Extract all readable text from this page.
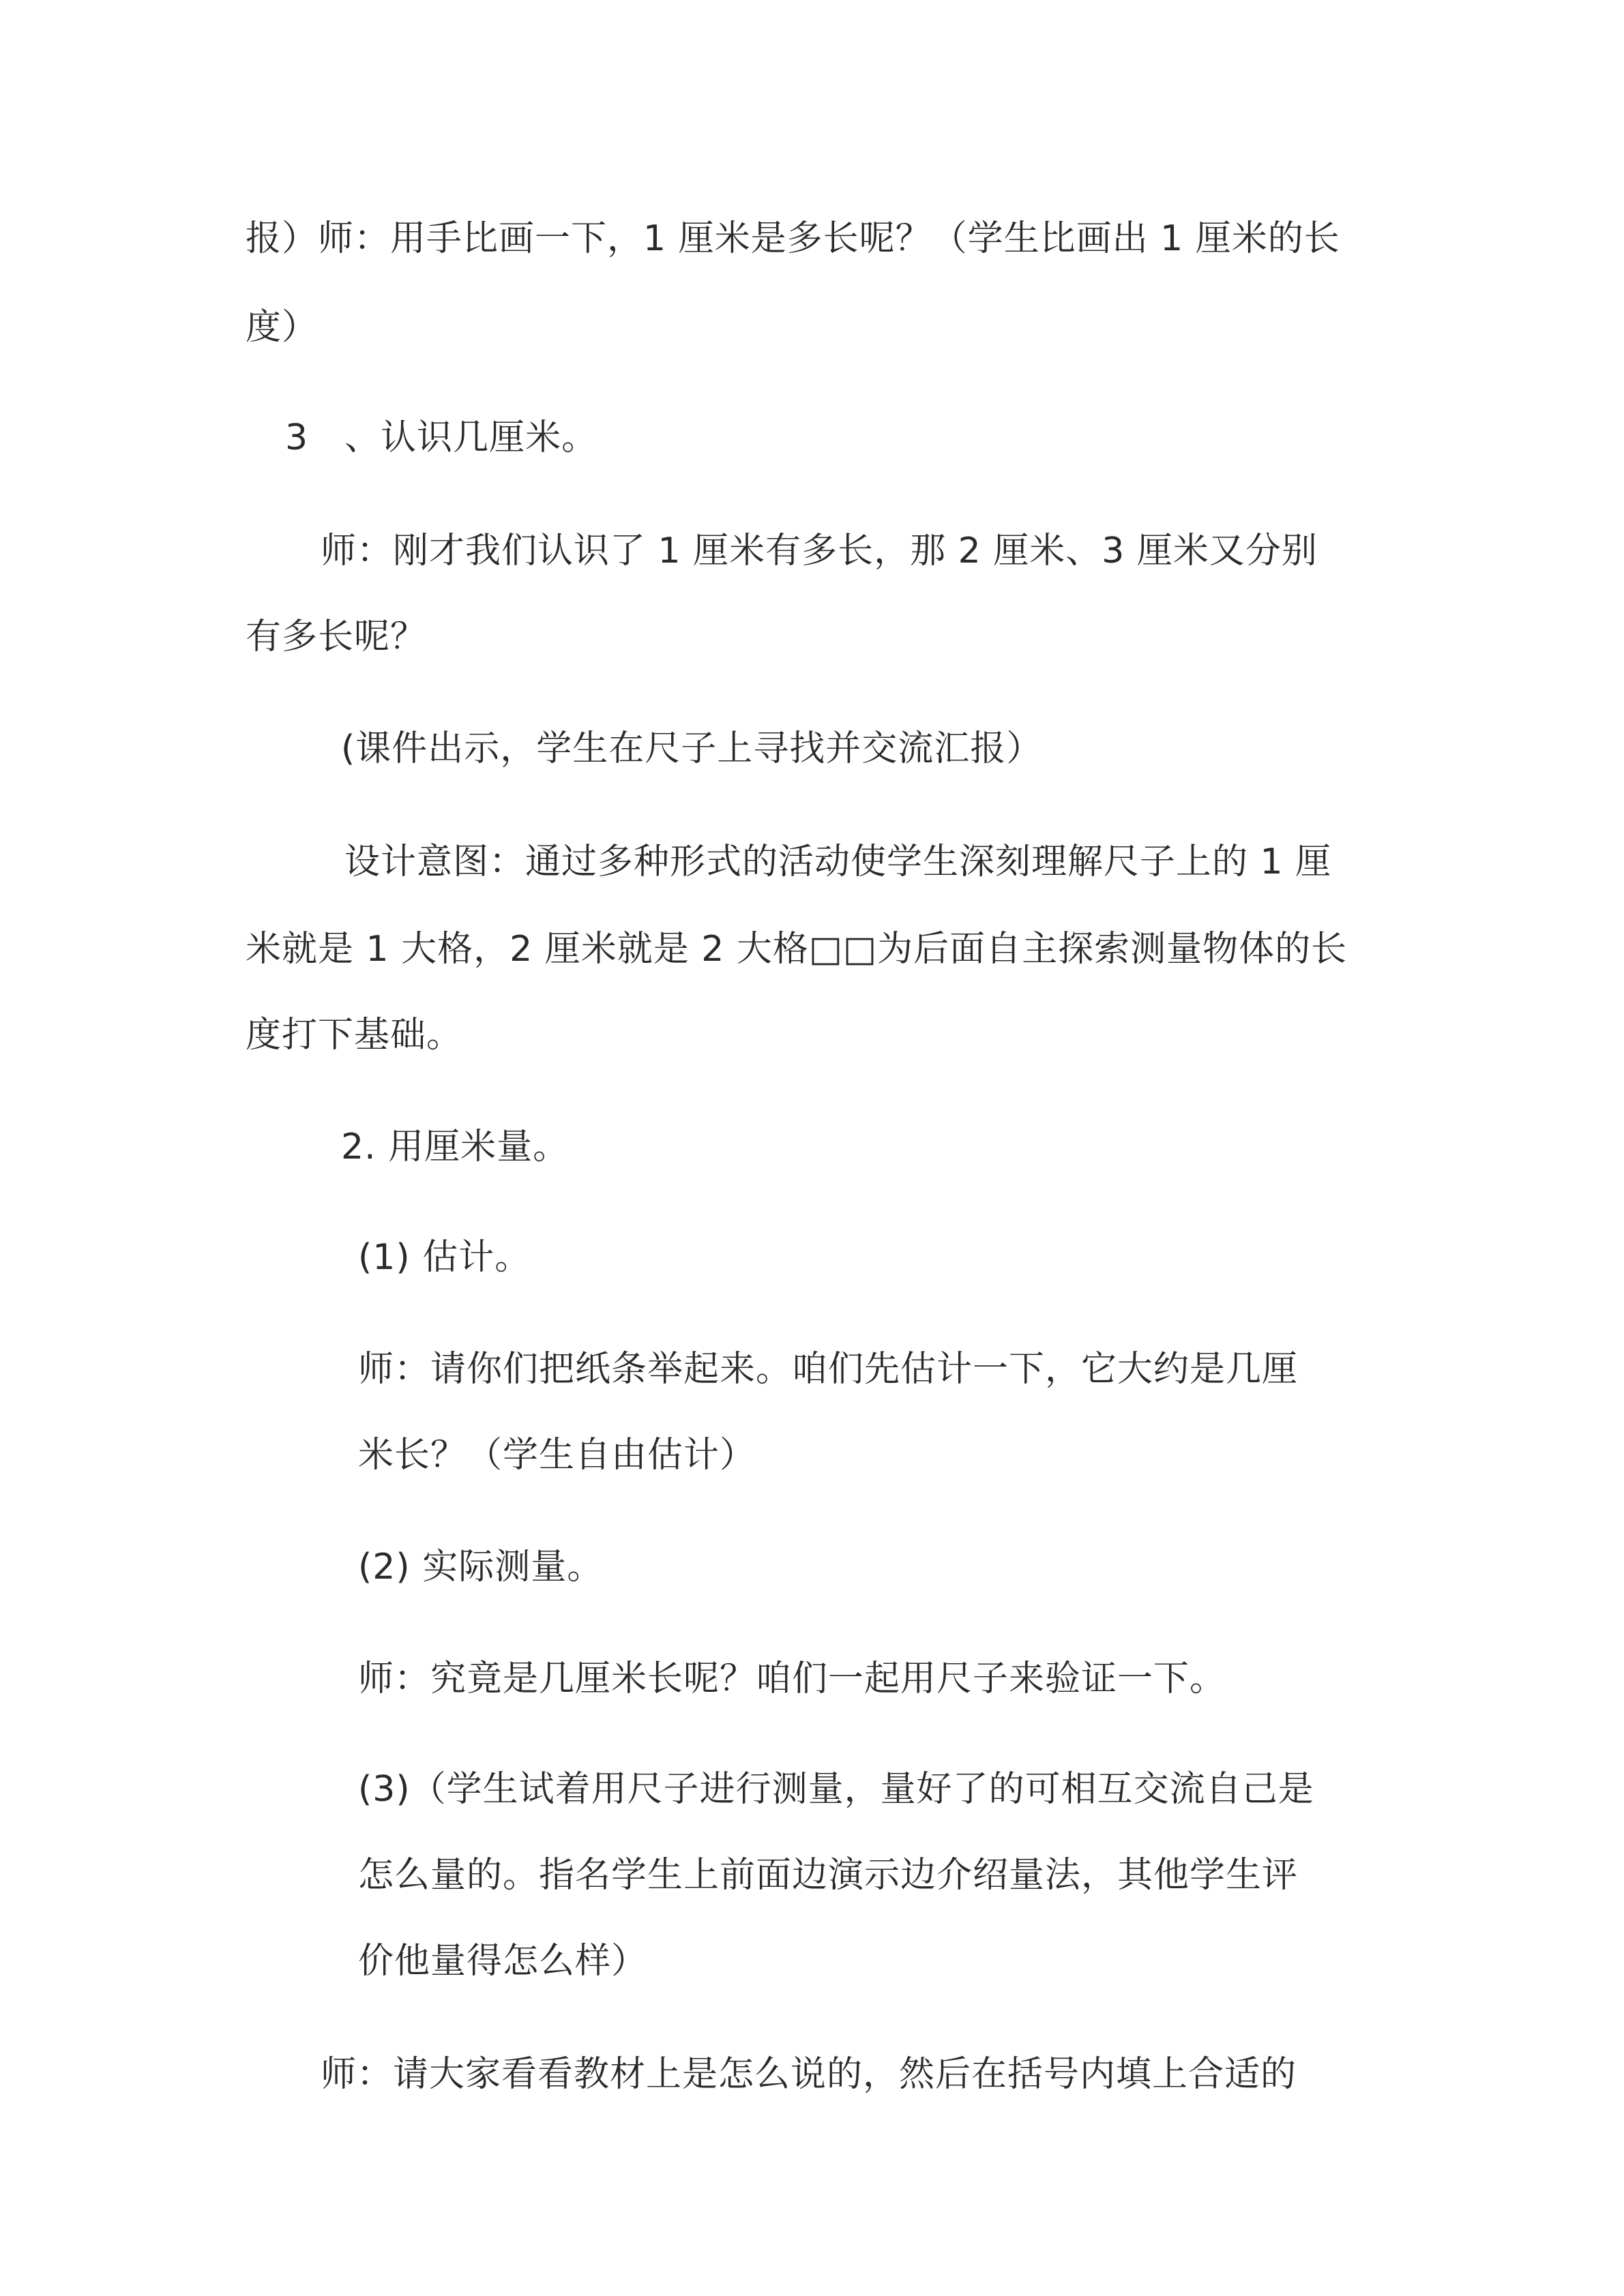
报）师：用手比画一下，1 厘米是多长呢？（学生比画出 1 厘米的长
度）
3　、认识几厘米。
师：刚才我们认识了 1 厘米有多长，那 2 厘米、3 厘米又分别
有多长呢？
(课件出示，学生在尺子上寻找并交流汇报）
设计意图：通过多种形式的活动使学生深刻理解尺子上的 1 厘
米就是 1 大格，2 厘米就是 2 大格□□为后面自主探索测量物体的长
度打下基础。
2. 用厘米量。
(1) 估计。
师：请你们把纸条举起来。咱们先估计一下，它大约是几厘
米长？（学生自由估计）
(2) 实际测量。
师：究竟是几厘米长呢？咱们一起用尺子来验证一下。
(3)（学生试着用尺子进行测量，量好了的可相互交流自己是
怎么量的。指名学生上前面边演示边介绍量法，其他学生评
价他量得怎么样）
师：请大家看看教材上是怎么说的，然后在括号内填上合适的
